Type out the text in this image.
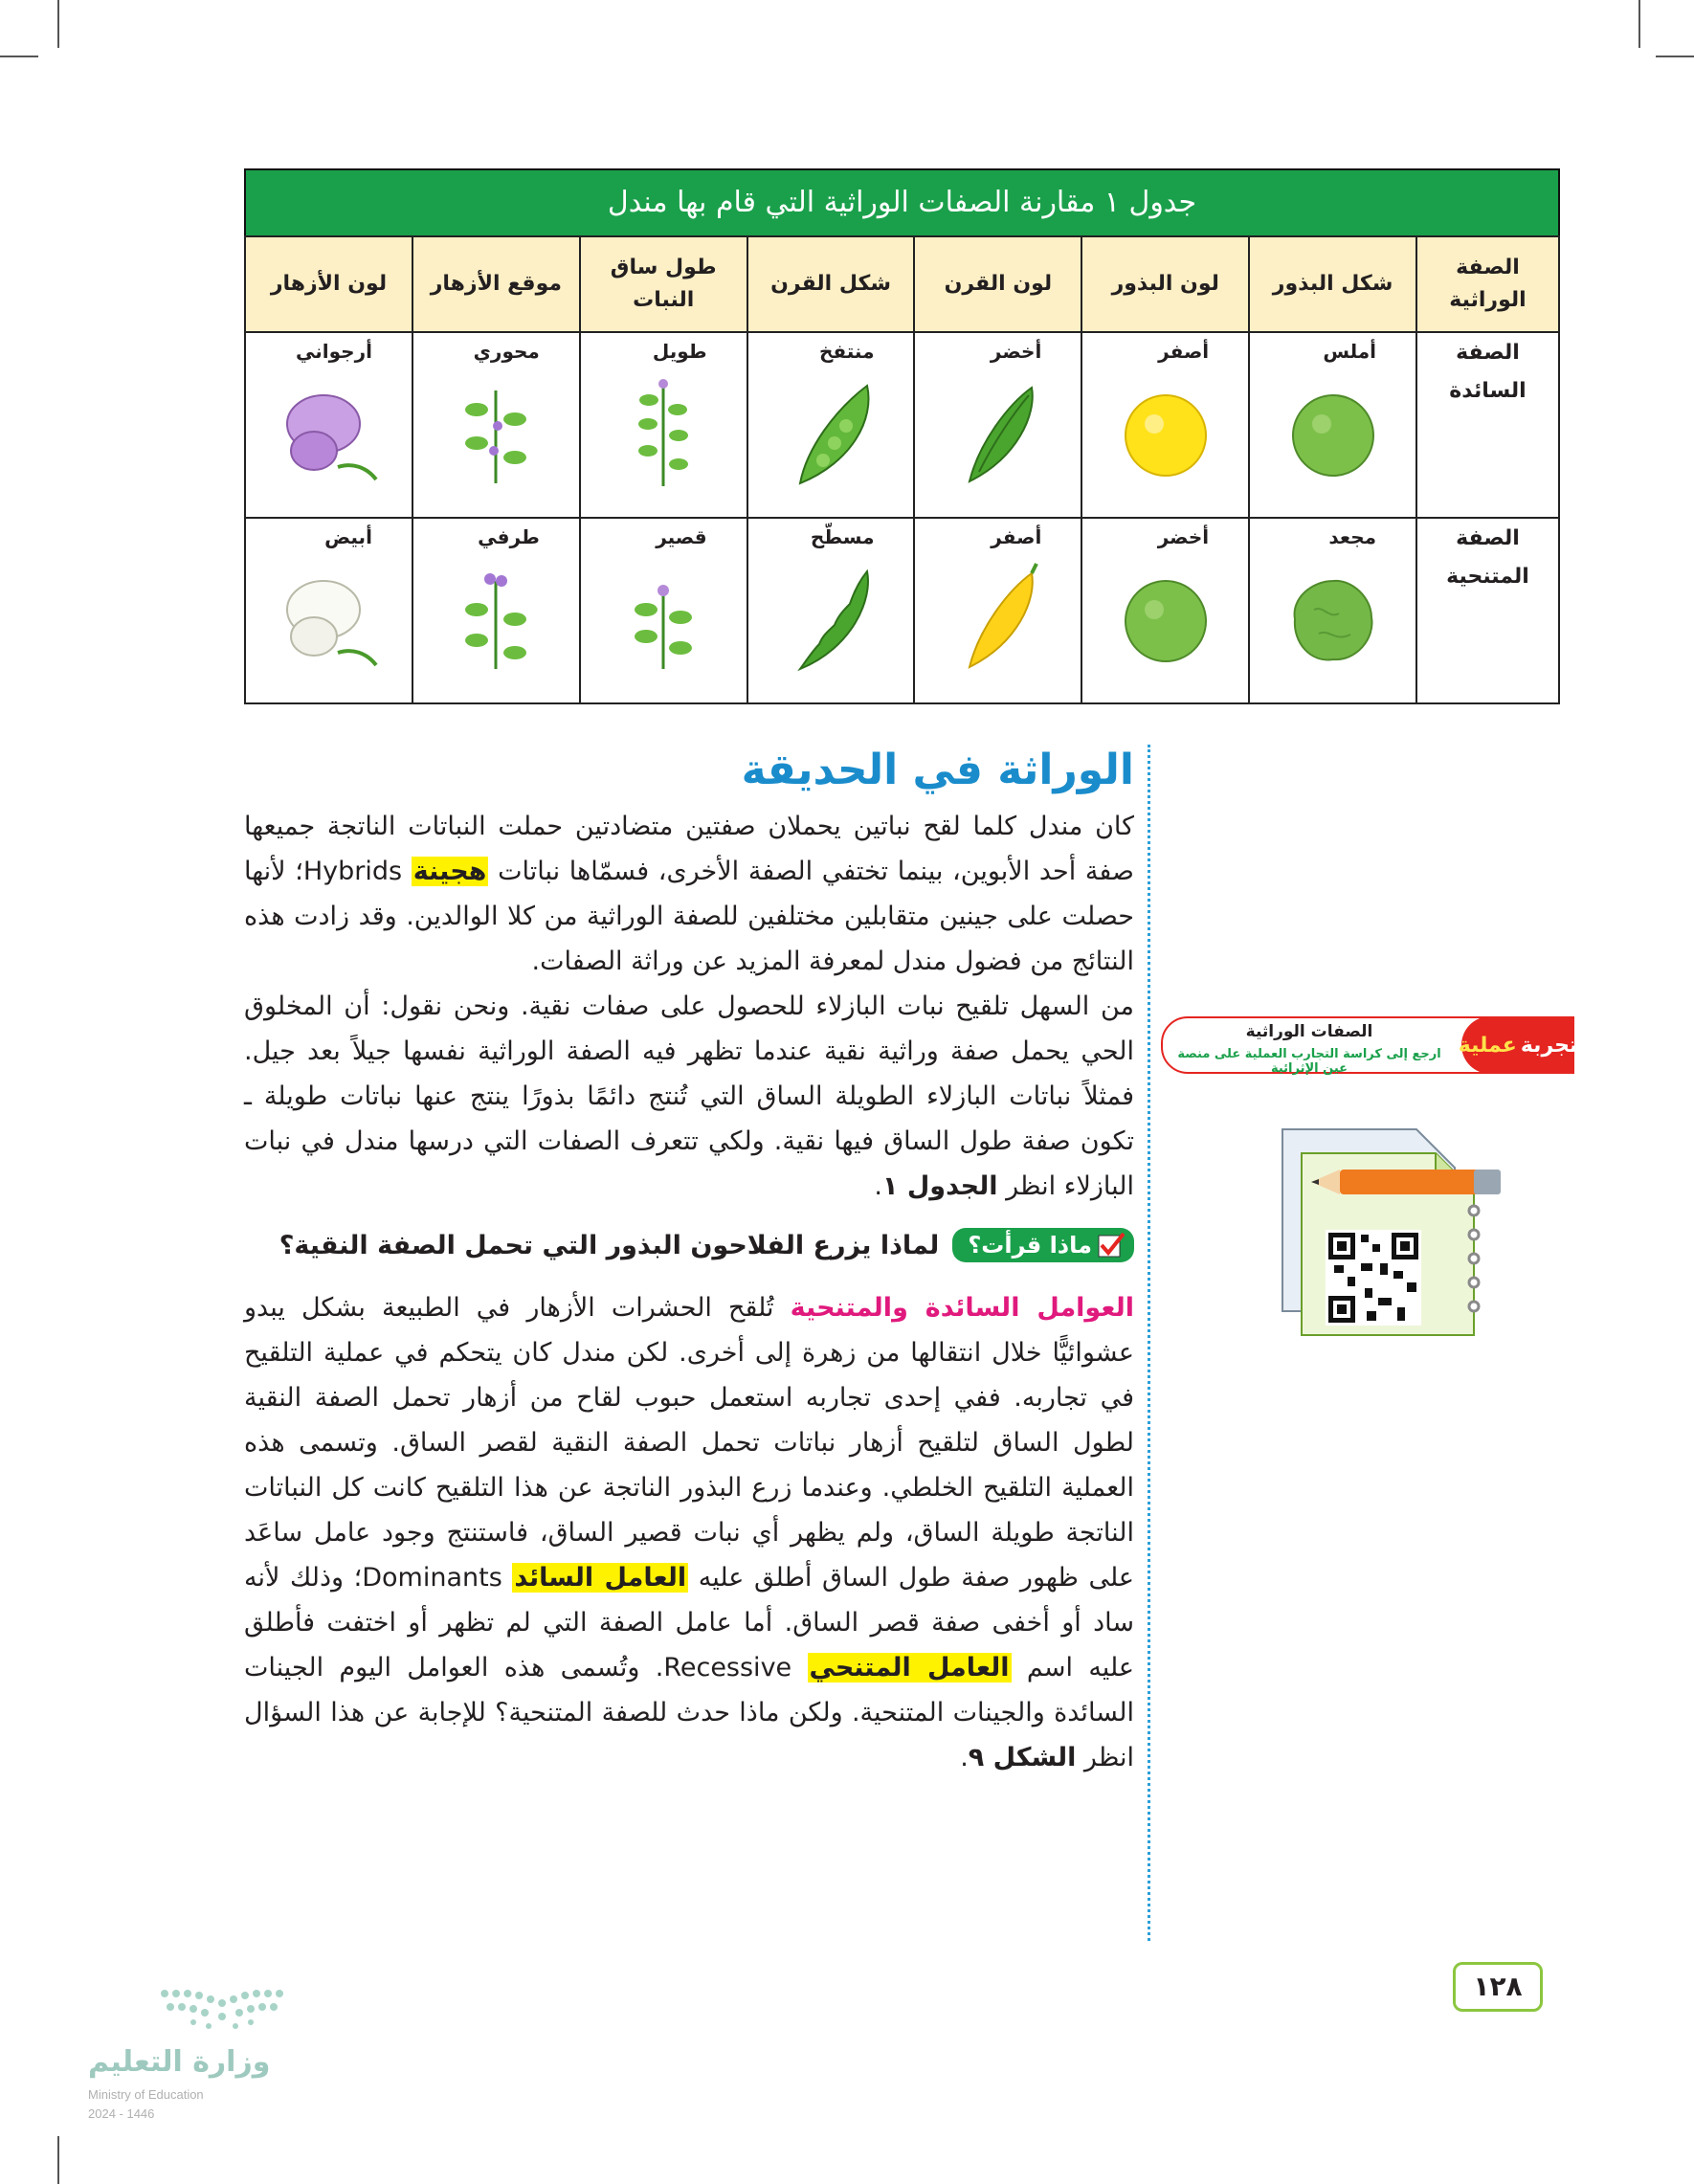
جدول ١ مقارنة الصفات الوراثية التي قام بها مندل
الصفة الوراثية	شكل البذور	لون البذور	لون القرن	شكل القرن	طول ساق النبات	موقع الأزهار	لون الأزهار
الصفة السائدة	أملس	أصفر	أخضر	منتفخ	طويل	محوري	أرجواني

الصفة المتنحية	مجعد	أخضر	أصفر	مسطّح	قصير	طرفي	أبيض
الوراثة في الحديقة

كان مندل كلما لقح نباتين يحملان صفتين متضادتين حملت النباتات الناتجة جميعها صفة أحد الأبوين، بينما تختفي الصفة الأخرى، فسمّاها نباتات هجينة Hybrids؛ لأنها حصلت على جينين متقابلين مختلفين للصفة الوراثية من كلا الوالدين. وقد زادت هذه النتائج من فضول مندل لمعرفة المزيد عن وراثة الصفات.

من السهل تلقيح نبات البازلاء للحصول على صفات نقية. ونحن نقول: أن المخلوق الحي يحمل صفة وراثية نقية عندما تظهر فيه الصفة الوراثية نفسها جيلاً بعد جيل. فمثلاً نباتات البازلاء الطويلة الساق التي تُنتج دائمًا بذورًا ينتج عنها نباتات طويلة ـ تكون صفة طول الساق فيها نقية. ولكي تتعرف الصفات التي درسها مندل في نبات البازلاء انظر الجدول ١.

ماذا قرأت؟
لماذا يزرع الفلاحون البذور التي تحمل الصفة النقية؟

العوامل السائدة والمتنحية تُلقح الحشرات الأزهار في الطبيعة بشكل يبدو عشوائيًّا خلال انتقالها من زهرة إلى أخرى. لكن مندل كان يتحكم في عملية التلقيح في تجاربه. ففي إحدى تجاربه استعمل حبوب لقاح من أزهار تحمل الصفة النقية لطول الساق لتلقيح أزهار نباتات تحمل الصفة النقية لقصر الساق. وتسمى هذه العملية التلقيح الخلطي. وعندما زرع البذور الناتجة عن هذا التلقيح كانت كل النباتات الناتجة طويلة الساق، ولم يظهر أي نبات قصير الساق، فاستنتج وجود عامل ساعَد على ظهور صفة طول الساق أطلق عليه العامل السائد Dominants؛ وذلك لأنه ساد أو أخفى صفة قصر الساق. أما عامل الصفة التي لم تظهر أو اختفت فأطلق عليه اسم العامل المتنحي Recessive. وتُسمى هذه العوامل اليوم الجينات السائدة والجينات المتنحية. ولكن ماذا حدث للصفة المتنحية؟ للإجابة عن هذا السؤال انظر الشكل ٩.

تجربة
عملية
الصفات الوراثية
ارجع إلى كراسة التجارب العملية على منصة عين الإثرائية
١٢٨
وزارة التعليم
Ministry of Education
2024 - 1446
